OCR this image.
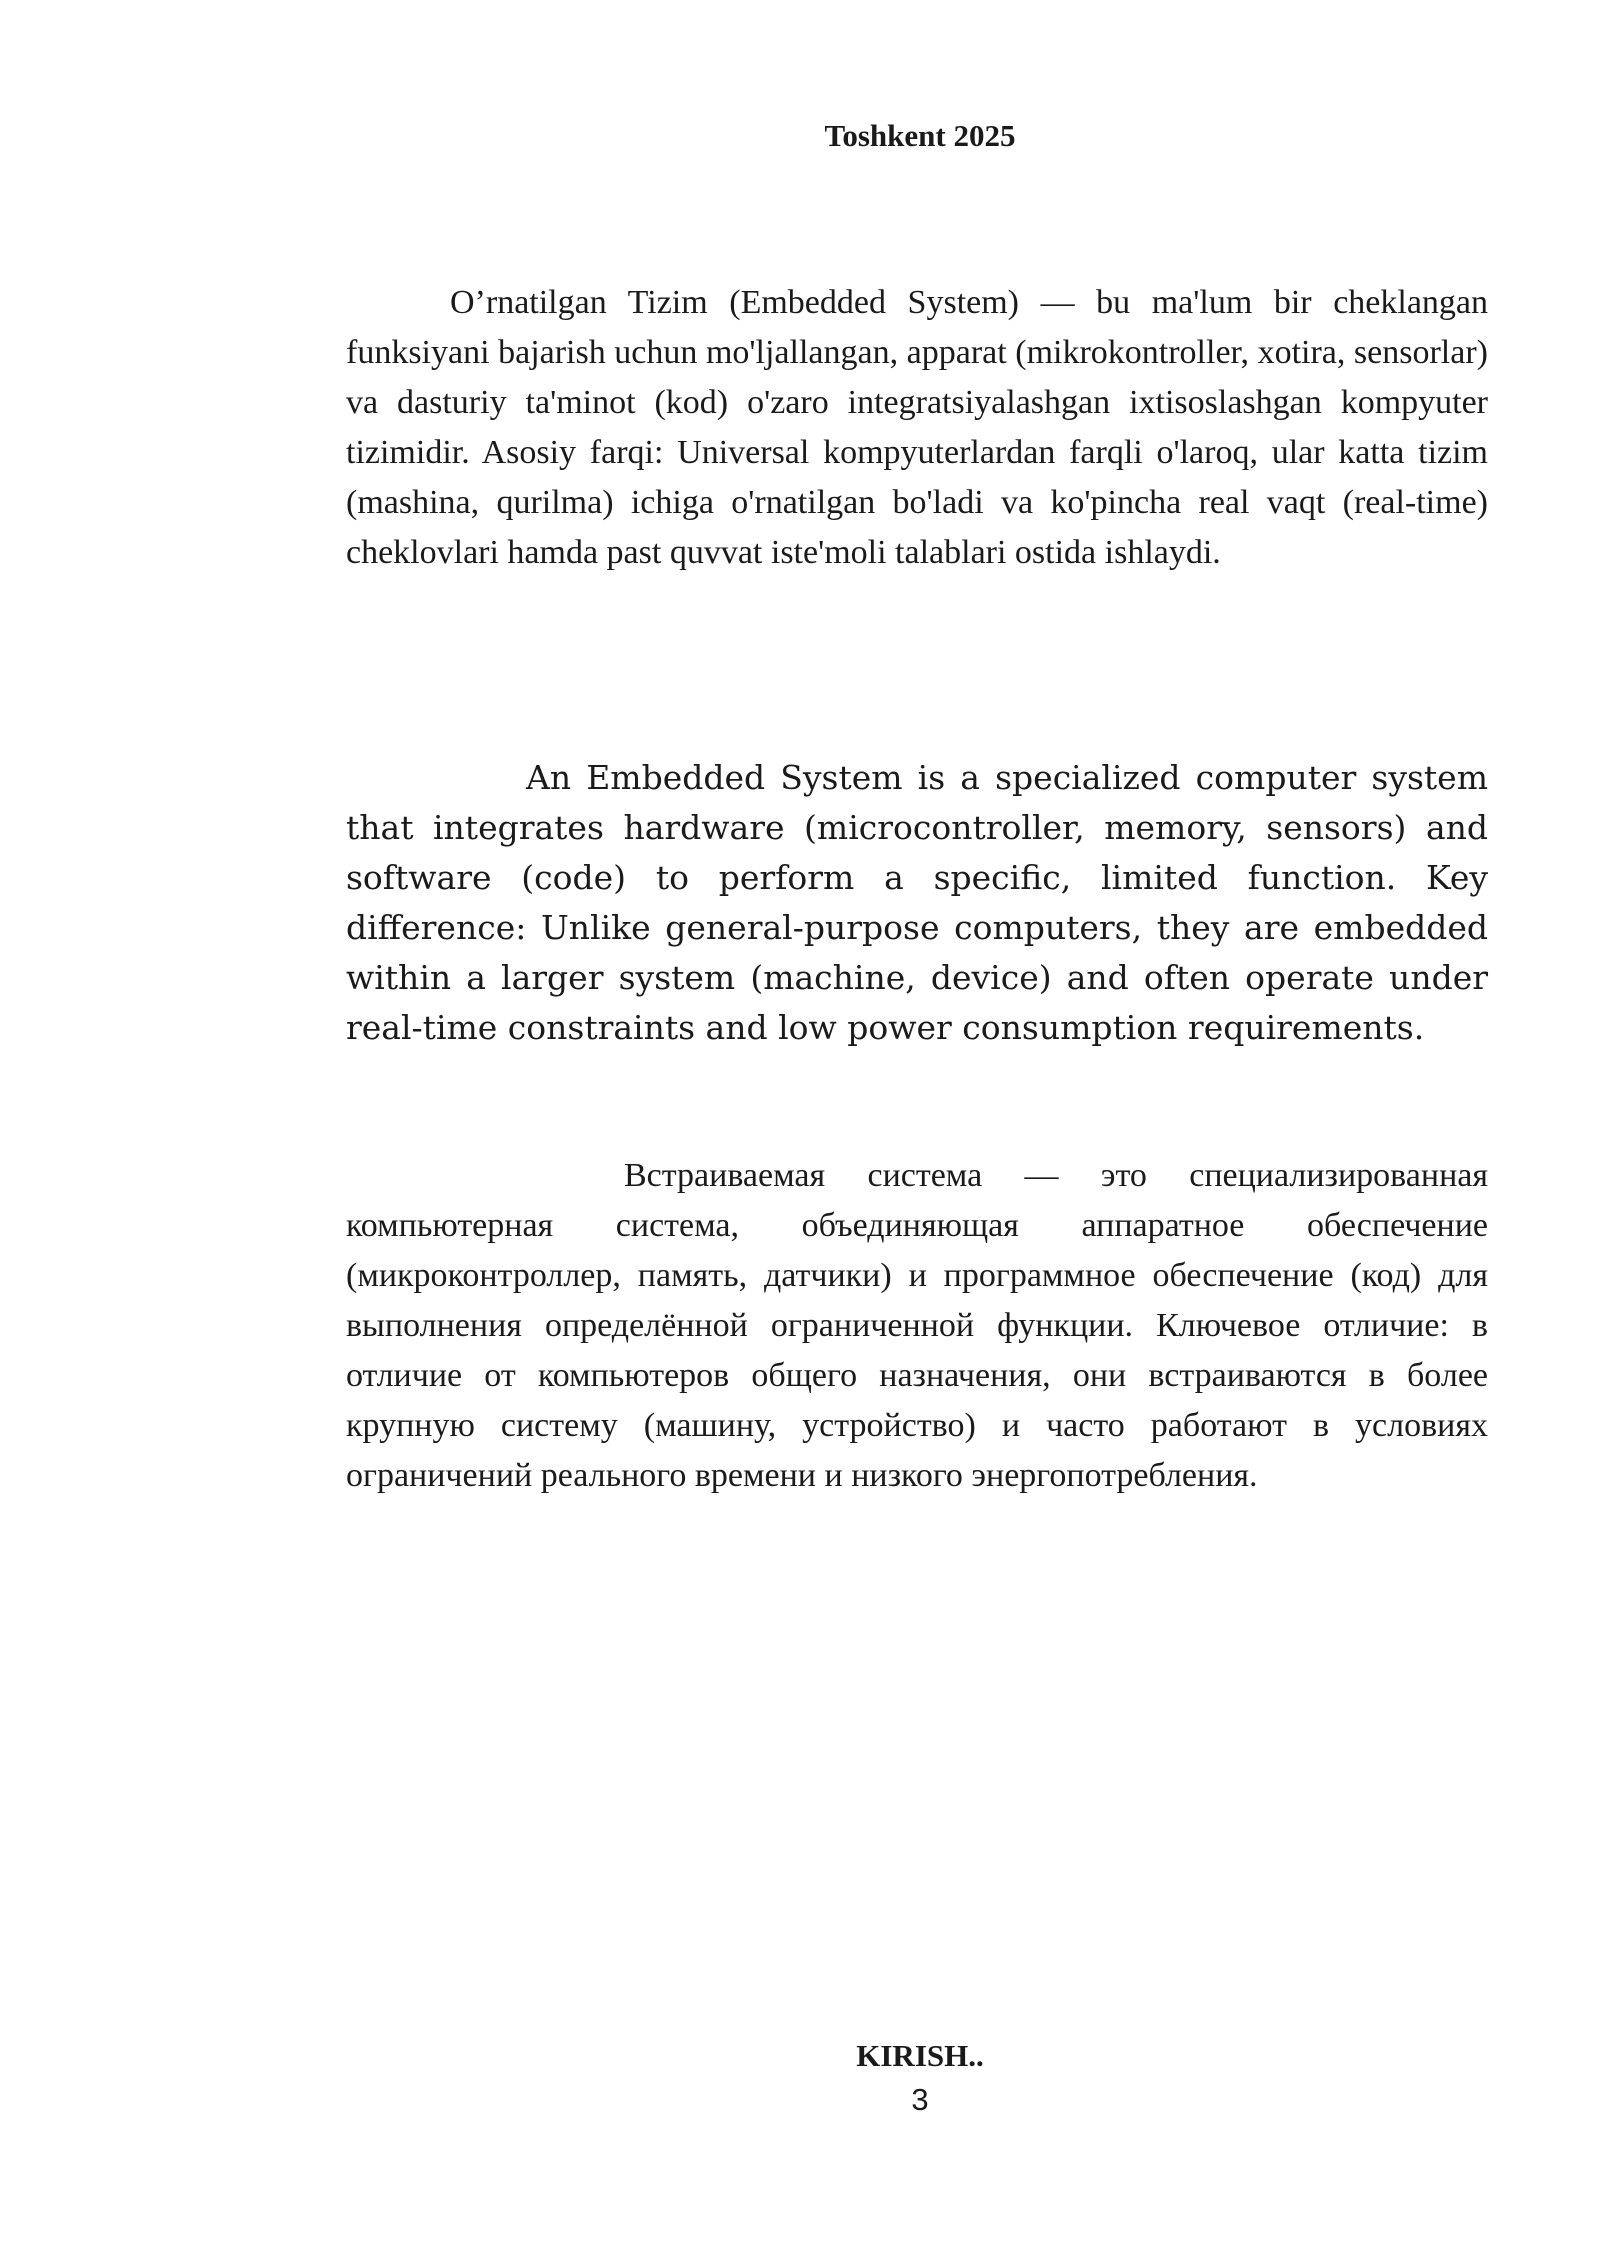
Toshkent 2025

O’rnatilgan Tizim (Embedded System) — bu ma'lum bir cheklangan funksiyani bajarish uchun mo'ljallangan, apparat (mikrokontroller, xotira, sensorlar) va dasturiy ta'minot (kod) o'zaro integratsiyalashgan ixtisoslashgan kompyuter tizimidir. Asosiy farqi: Universal kompyuterlardan farqli o'laroq, ular katta tizim (mashina, qurilma) ichiga o'rnatilgan bo'ladi va ko'pincha real vaqt (real-time) cheklovlari hamda past quvvat iste'moli talablari ostida ishlaydi.

An Embedded System is a specialized computer system that integrates hardware (microcontroller, memory, sensors) and software (code) to perform a specific, limited function. Key difference: Unlike general-purpose computers, they are embedded within a larger system (machine, device) and often operate under real-time constraints and low power consumption requirements.

Встраиваемая система — это специализированная компьютерная система, объединяющая аппаратное обеспечение (микроконтроллер, память, датчики) и программное обеспечение (код) для выполнения определённой ограниченной функции. Ключевое отличие: в отличие от компьютеров общего назначения, они встраиваются в более крупную систему (машину, устройство) и часто работают в условиях ограничений реального времени и низкого энергопотребления.

KIRISH..
3
